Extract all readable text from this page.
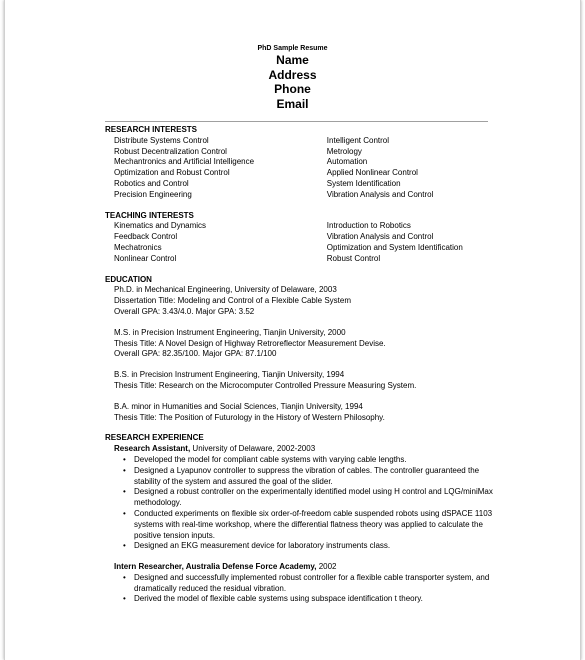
PhD Sample Resume
Name
Address
Phone
Email
RESEARCH INTERESTS
Distribute Systems Control
Robust Decentralization Control
Mechantronics and Artificial Intelligence
Optimization and Robust Control
Robotics and Control
Precision Engineering
Intelligent Control
Metrology
Automation
Applied Nonlinear Control
System Identification
Vibration Analysis and Control
TEACHING INTERESTS
Kinematics and Dynamics
Feedback Control
Mechatronics
Nonlinear Control
Introduction to Robotics
Vibration Analysis and Control
Optimization and System Identification
Robust Control
EDUCATION
Ph.D. in Mechanical Engineering, University of Delaware, 2003
Dissertation Title: Modeling and Control of a Flexible Cable System
Overall GPA: 3.43/4.0. Major GPA: 3.52
M.S. in Precision Instrument Engineering, Tianjin University, 2000
Thesis Title: A Novel Design of Highway Retroreflector Measurement Devise.
Overall GPA: 82.35/100. Major GPA: 87.1/100
B.S. in Precision Instrument Engineering, Tianjin University, 1994
Thesis Title: Research on the Microcomputer Controlled Pressure Measuring System.
B.A. minor in Humanities and Social Sciences, Tianjin University, 1994
Thesis Title: The Position of Futurology in the History of Western Philosophy.
RESEARCH EXPERIENCE
Research Assistant, University of Delaware, 2002-2003
• Developed the model for compliant cable systems with varying cable lengths.
• Designed a Lyapunov controller to suppress the vibration of cables. The controller guaranteed the stability of the system and assured the goal of the slider.
• Designed a robust controller on the experimentally identified model using H control and LQG/miniMax methodology.
• Conducted experiments on flexible six order-of-freedom cable suspended robots using dSPACE 1103 systems with real-time workshop, where the differential flatness theory was applied to calculate the positive tension inputs.
• Designed an EKG measurement device for laboratory instruments class.
Intern Researcher, Australia Defense Force Academy, 2002
• Designed and successfully implemented robust controller for a flexible cable transporter system, and dramatically reduced the residual vibration.
• Derived the model of flexible cable systems using subspace identification t theory.
